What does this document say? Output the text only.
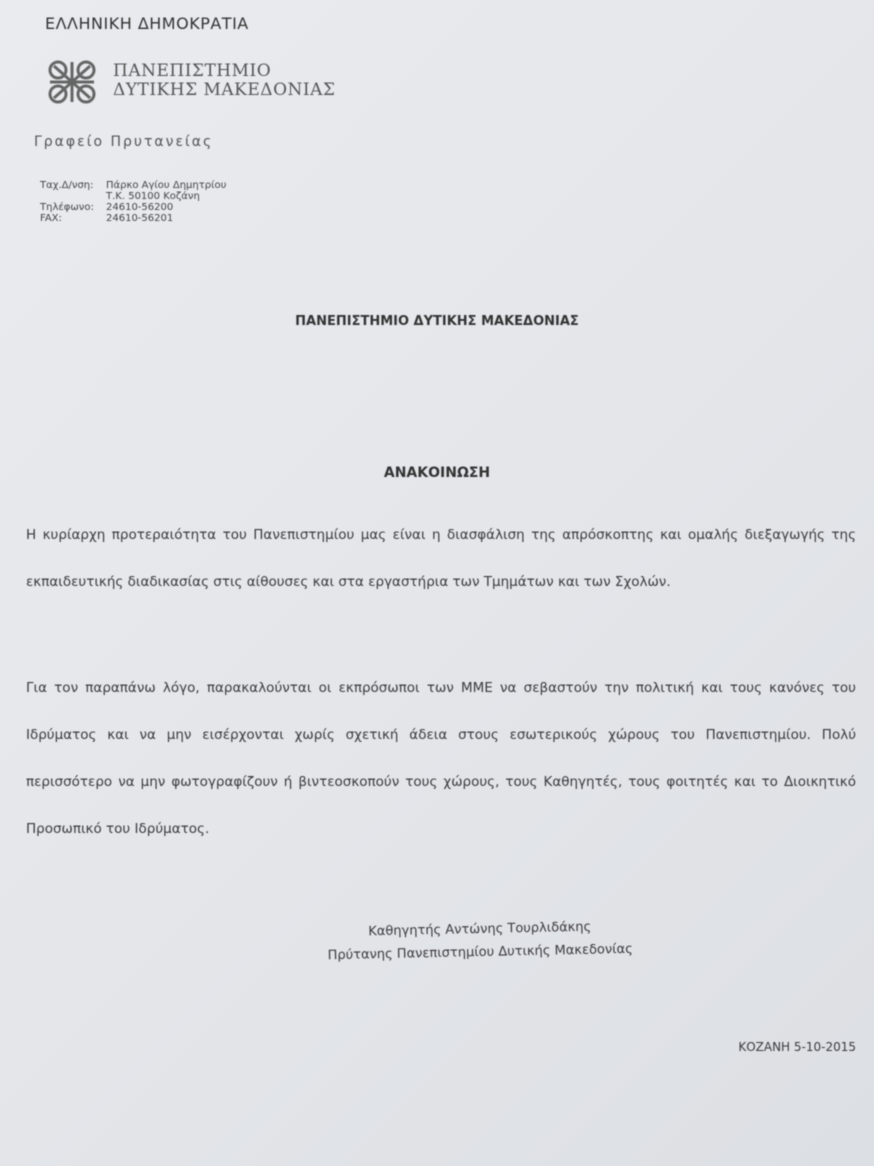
ΕΛΛΗΝΙΚΗ ΔΗΜΟΚΡΑΤΙΑ
ΠΑΝΕΠΙΣΤΗΜΙΟ
ΔΥΤΙΚΗΣ ΜΑΚΕΔΟΝΙΑΣ
Γραφείο Πρυτανείας
Ταχ.Δ/νση:	Πάρκο Αγίου Δημητρίου
Τ.Κ. 50100 Κοζάνη
Τηλέφωνο:	24610-56200
FAX:	24610-56201
ΠΑΝΕΠΙΣΤΗΜΙΟ ΔΥΤΙΚΗΣ ΜΑΚΕΔΟΝΙΑΣ
ΑΝΑΚΟΙΝΩΣΗ
Η κυρίαρχη προτεραιότητα του Πανεπιστημίου μας είναι η διασφάλιση της απρόσκοπτης και ομαλής διεξαγωγής της εκπαιδευτικής διαδικασίας στις αίθουσες και στα εργαστήρια των Τμημάτων και των Σχολών.
Για τον παραπάνω λόγο, παρακαλούνται οι εκπρόσωποι των ΜΜΕ να σεβαστούν την πολιτική και τους κανόνες του Ιδρύματος και να μην εισέρχονται χωρίς σχετική άδεια στους εσωτερικούς χώρους του Πανεπιστημίου. Πολύ περισσότερο να μην φωτογραφίζουν ή βιντεοσκοπούν τους χώρους, τους Καθηγητές, τους φοιτητές και το Διοικητικό Προσωπικό του Ιδρύματος.
Καθηγητής Αντώνης Τουρλιδάκης
Πρύτανης Πανεπιστημίου Δυτικής Μακεδονίας
ΚΟΖΑΝΗ 5-10-2015
